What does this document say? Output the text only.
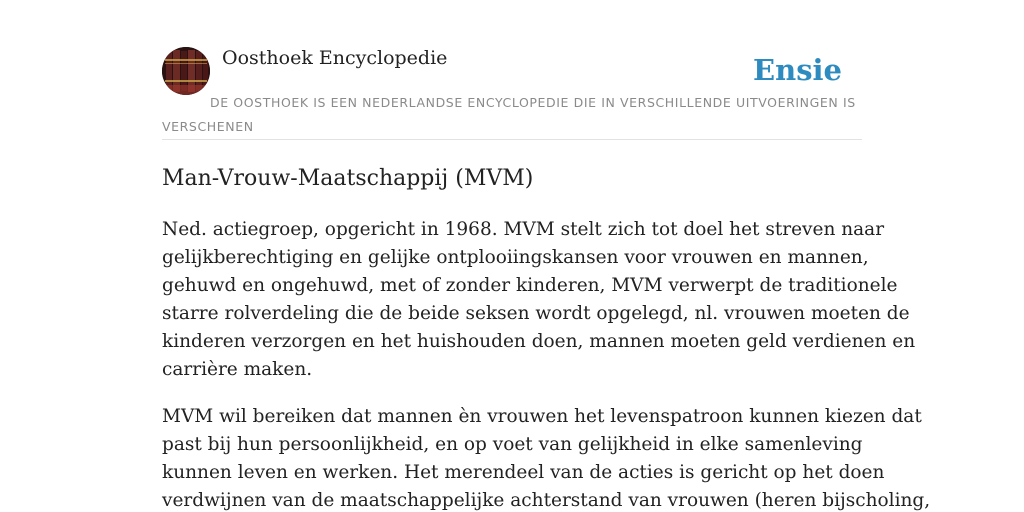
Oosthoek Encyclopedie	Ensie
DE OOSTHOEK IS EEN NEDERLANDSE ENCYCLOPEDIE DIE IN VERSCHILLENDE UITVOERINGEN IS VERSCHENEN
Man-Vrouw-Maatschappij (MVM)

Ned. actiegroep, opgericht in 1968. MVM stelt zich tot doel het streven naar
gelijkberechtiging en gelijke ontplooiingskansen voor vrouwen en mannen,
gehuwd en ongehuwd, met of zonder kinderen, MVM verwerpt de traditionele
starre rolverdeling die de beide seksen wordt opgelegd, nl. vrouwen moeten de
kinderen verzorgen en het huishouden doen, mannen moeten geld verdienen en
carrière maken.

MVM wil bereiken dat mannen èn vrouwen het levenspatroon kunnen kiezen dat
past bij hun persoonlijkheid, en op voet van gelijkheid in elke samenleving
kunnen leven en werken. Het merendeel van de acties is gericht op het doen
verdwijnen van de maatschappelijke achterstand van vrouwen (heren bijscholing,
